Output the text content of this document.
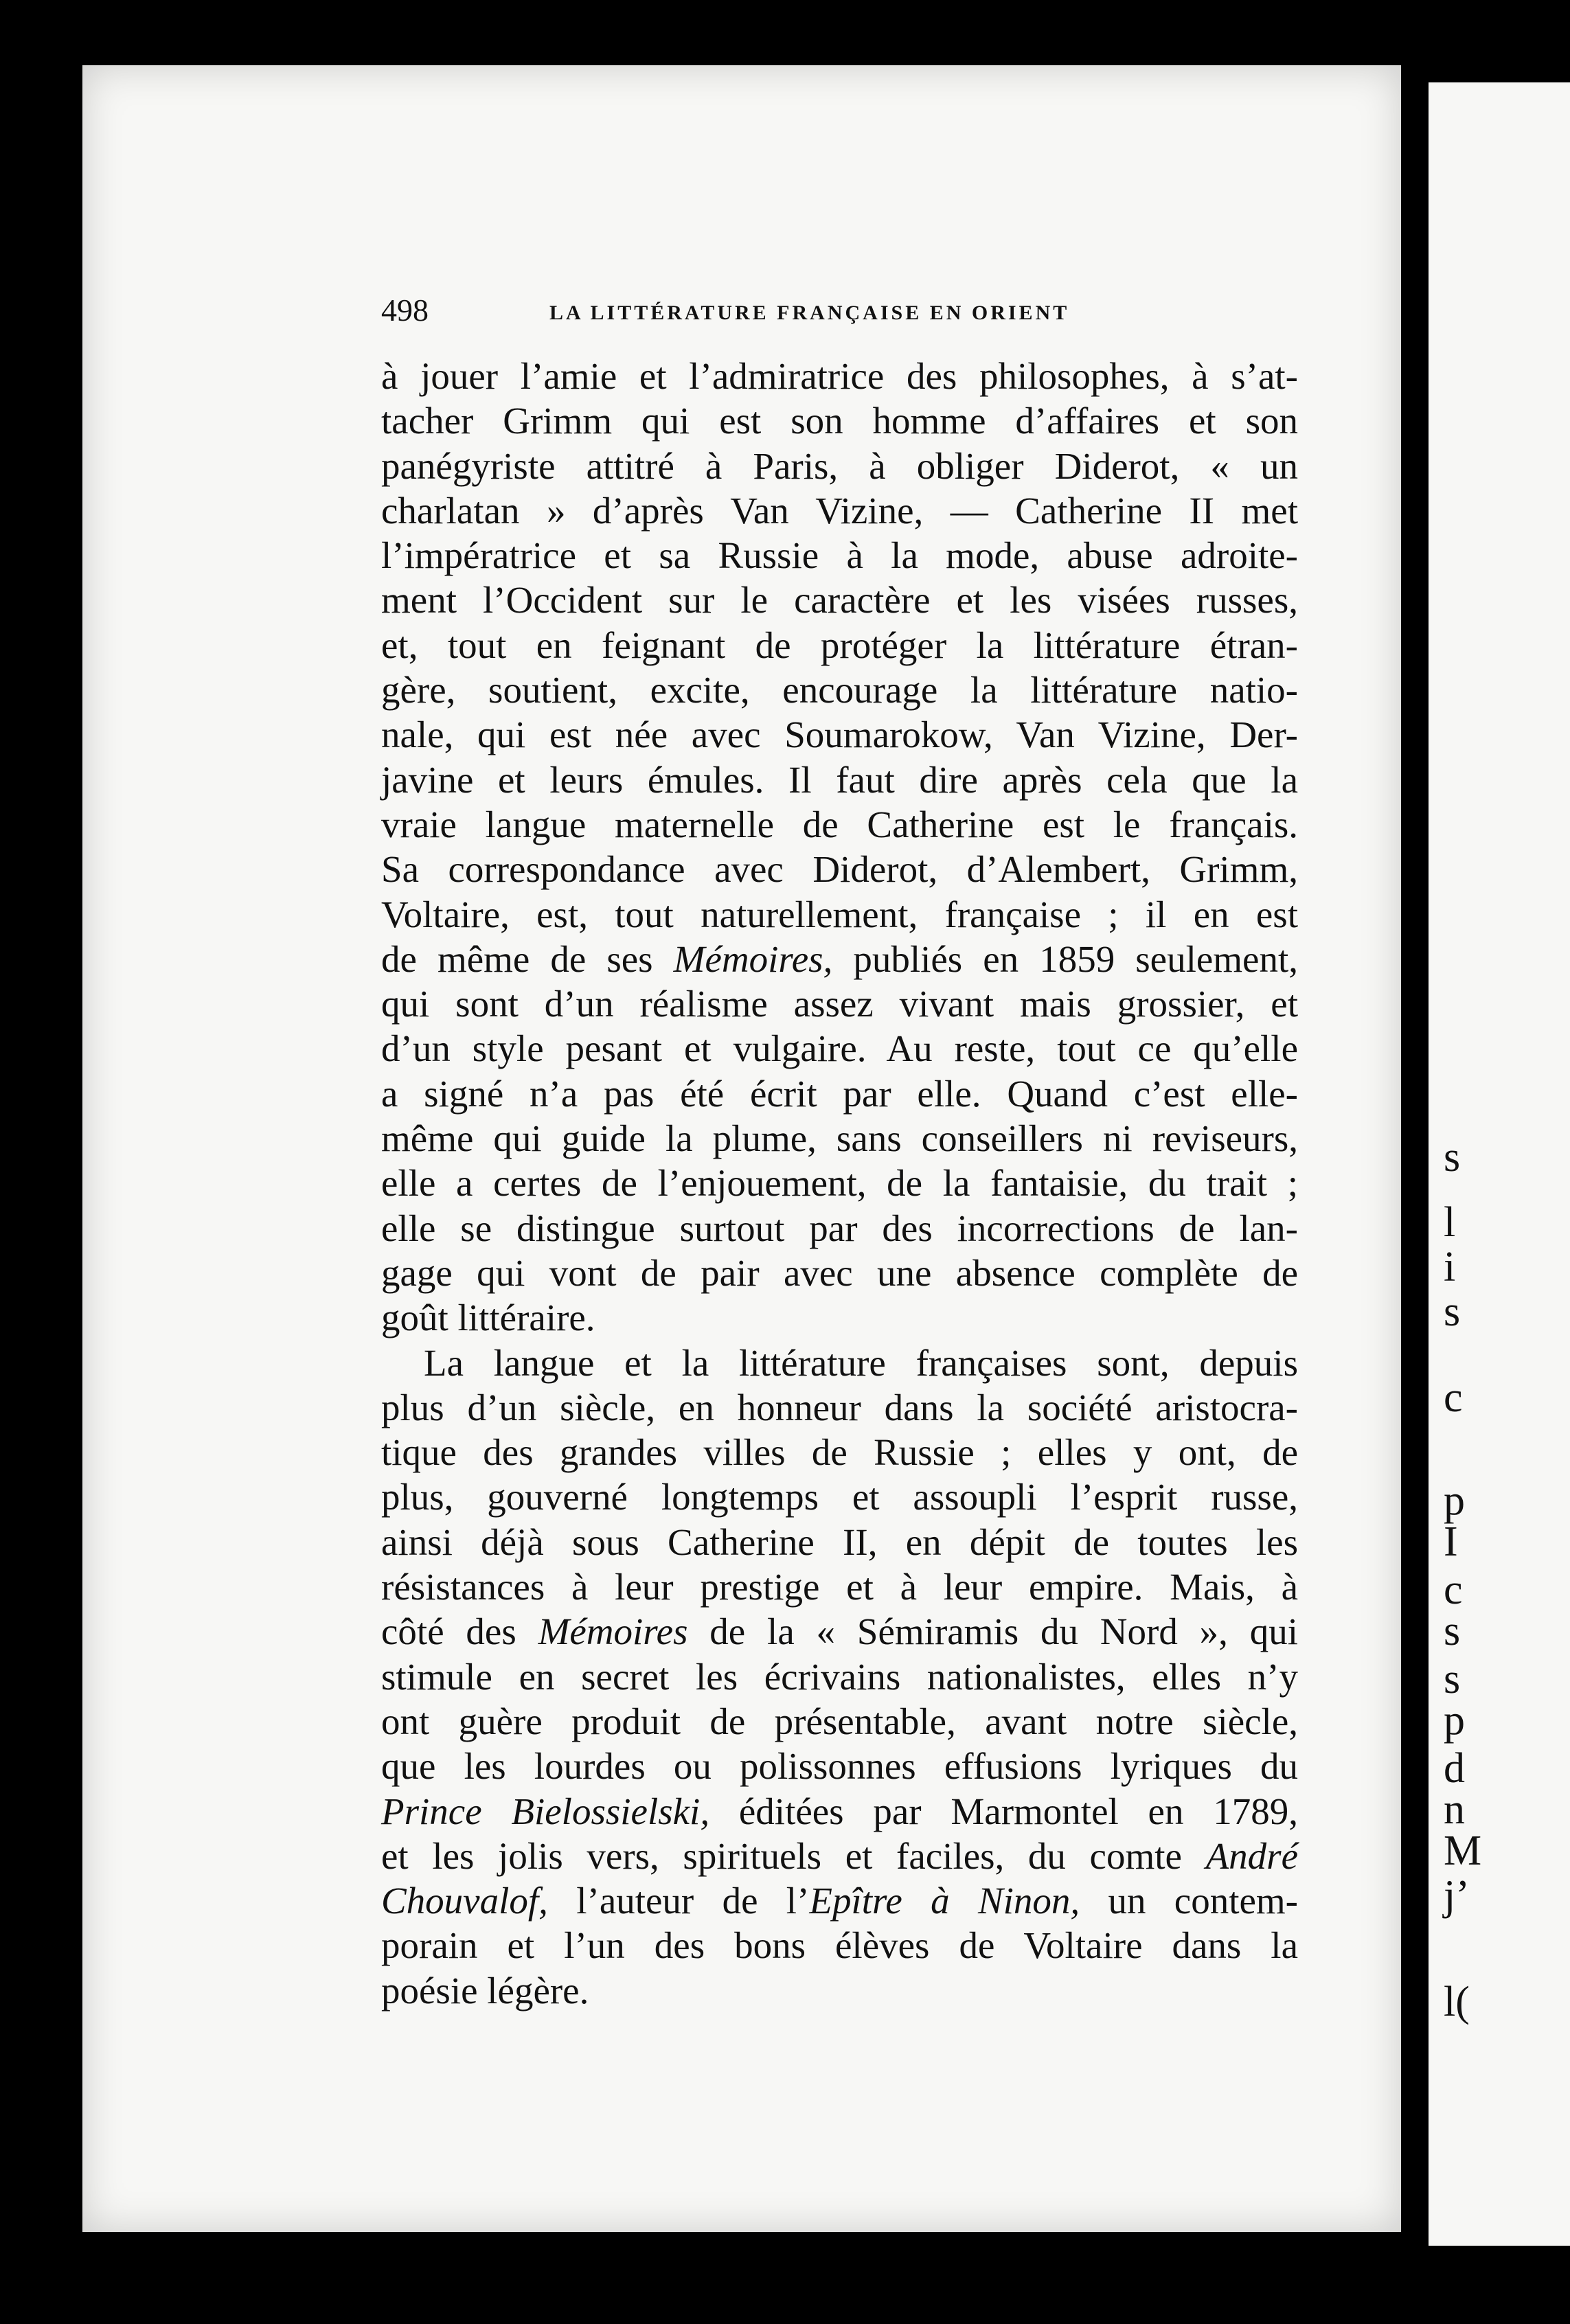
s
l
i
s
c
p
I
c
s
s
p
d
n
M
j’
l(
498	LA LITTÉRATURE FRANÇAISE EN ORIENT
à jouer l’amie et l’admiratrice des philosophes, à s’at-
tacher Grimm qui est son homme d’affaires et son
panégyriste attitré à Paris, à obliger Diderot, « un
charlatan » d’après Van Vizine, — Catherine II met
l’impératrice et sa Russie à la mode, abuse adroite-
ment l’Occident sur le caractère et les visées russes,
et, tout en feignant de protéger la littérature étran-
gère, soutient, excite, encourage la littérature natio-
nale, qui est née avec Soumarokow, Van Vizine, Der-
javine et leurs émules. Il faut dire après cela que la
vraie langue maternelle de Catherine est le français.
Sa correspondance avec Diderot, d’Alembert, Grimm,
Voltaire, est, tout naturellement, française ; il en est
de même de ses Mémoires, publiés en 1859 seulement,
qui sont d’un réalisme assez vivant mais grossier, et
d’un style pesant et vulgaire. Au reste, tout ce qu’elle
a signé n’a pas été écrit par elle. Quand c’est elle-
même qui guide la plume, sans conseillers ni reviseurs,
elle a certes de l’enjouement, de la fantaisie, du trait ;
elle se distingue surtout par des incorrections de lan-
gage qui vont de pair avec une absence complète de
goût littéraire.
La langue et la littérature françaises sont, depuis
plus d’un siècle, en honneur dans la société aristocra-
tique des grandes villes de Russie ; elles y ont, de
plus, gouverné longtemps et assoupli l’esprit russe,
ainsi déjà sous Catherine II, en dépit de toutes les
résistances à leur prestige et à leur empire. Mais, à
côté des Mémoires de la « Sémiramis du Nord », qui
stimule en secret les écrivains nationalistes, elles n’y
ont guère produit de présentable, avant notre siècle,
que les lourdes ou polissonnes effusions lyriques du
Prince Bielossielski, éditées par Marmontel en 1789,
et les jolis vers, spirituels et faciles, du comte André
Chouvalof, l’auteur de l’Epître à Ninon, un contem-
porain et l’un des bons élèves de Voltaire dans la
poésie légère.
